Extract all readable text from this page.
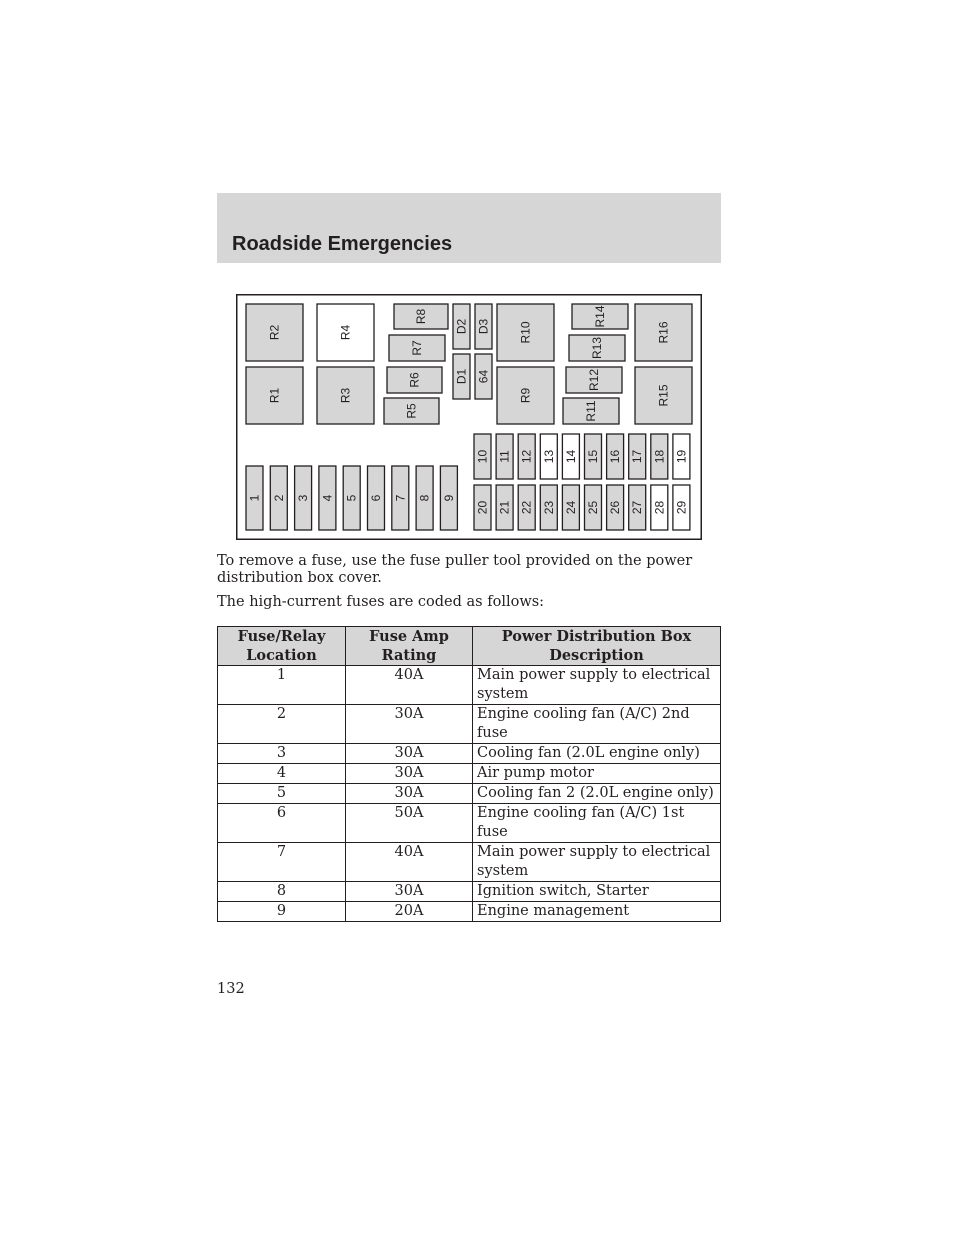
Roadside Emergencies
R2
R1
R4
R3
R10
R9
R16
R15
R8
R7
R6
R5
R14
R13
R12
R11
D2 D3
D1 64
1 2 3 4 5 6 7 8 9
10 11 12 13 14 15 16 17 18 19
20 21 22 23 24 25 26 27 28 29

To remove a fuse, use the fuse puller tool provided on the power distribution box cover.

The high-current fuses are coded as follows:

Fuse/Relay Location	Fuse Amp Rating	Power Distribution Box Description
1	40A	Main power supply to electrical system
2	30A	Engine cooling fan (A/C) 2nd fuse
3	30A	Cooling fan (2.0L engine only)
4	30A	Air pump motor
5	30A	Cooling fan 2 (2.0L engine only)
6	50A	Engine cooling fan (A/C) 1st fuse
7	40A	Main power supply to electrical system
8	30A	Ignition switch, Starter
9	20A	Engine management
132
